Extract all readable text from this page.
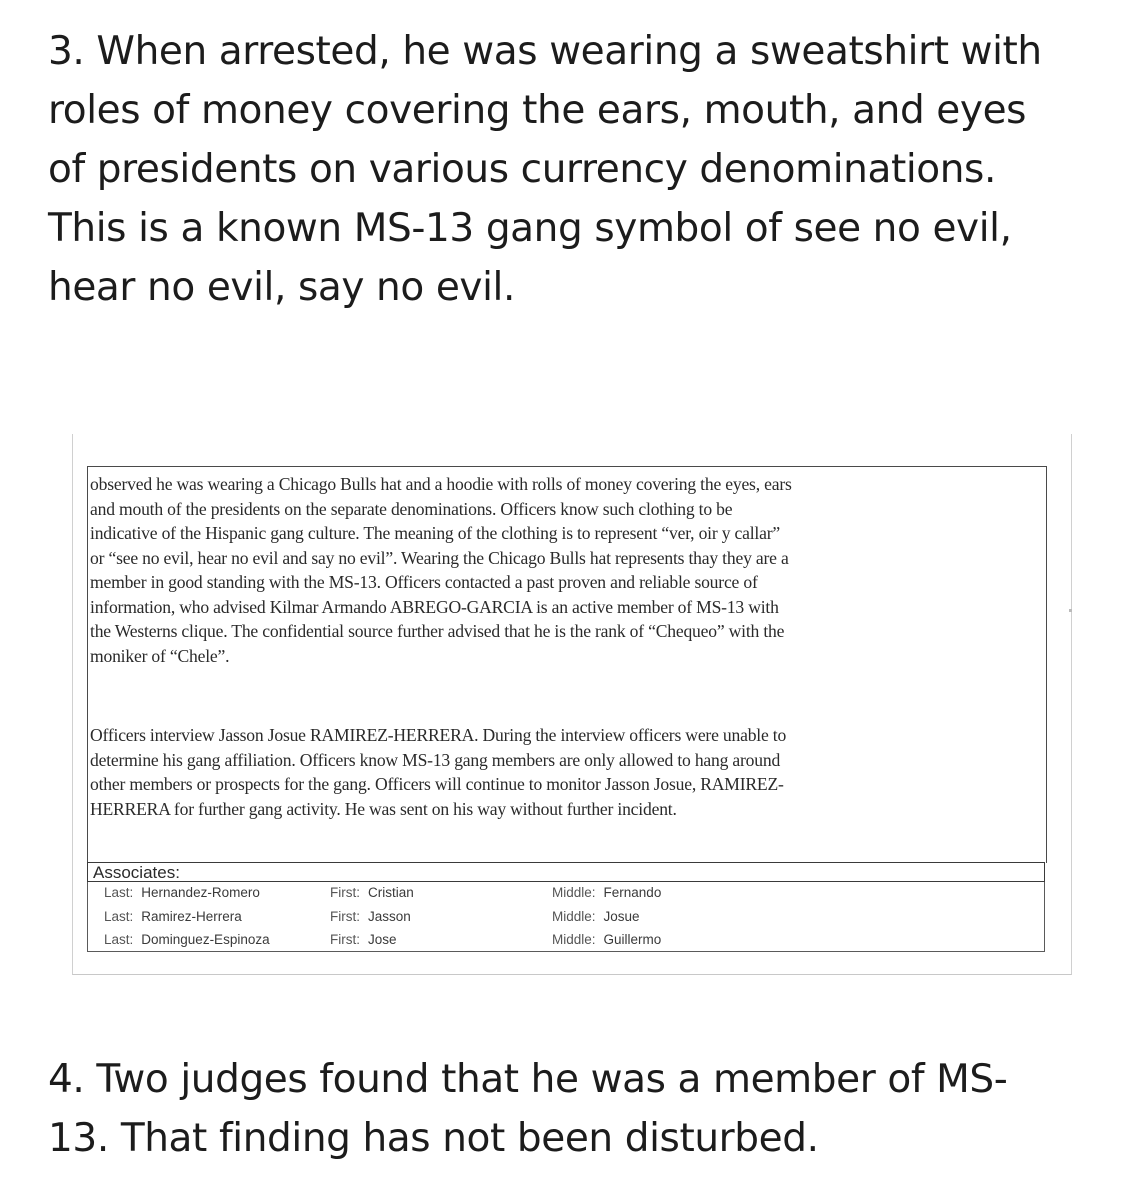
3. When arrested, he was wearing a sweatshirt with
roles of money covering the ears, mouth, and eyes
of presidents on various currency denominations.
This is a known MS-13 gang symbol of see no evil,
hear no evil, say no evil.

observed he was wearing a Chicago Bulls hat and a hoodie with rolls of money covering the eyes, ears
and mouth of the presidents on the separate denominations. Officers know such clothing to be
indicative of the Hispanic gang culture. The meaning of the clothing is to represent “ver, oir y callar”
or “see no evil, hear no evil and say no evil”. Wearing the Chicago Bulls hat represents thay they are a
member in good standing with the MS-13. Officers contacted a past proven and reliable source of
information, who advised Kilmar Armando ABREGO-GARCIA is an active member of MS-13 with
the Westerns clique. The confidential source further advised that he is the rank of “Chequeo” with the
moniker of “Chele”.
Officers interview Jasson Josue RAMIREZ-HERRERA. During the interview officers were unable to
determine his gang affiliation. Officers know MS-13 gang members are only allowed to hang around
other members or prospects for the gang. Officers will continue to monitor Jasson Josue, RAMIREZ-
HERRERA for further gang activity. He was sent on his way without further incident.
Associates:
Last: Hernandez-Romero	First: Cristian	Middle: Fernando
Last: Ramirez-Herrera	First: Jasson	Middle: Josue
Last: Dominguez-Espinoza	First: Jose	Middle: Guillermo

4. Two judges found that he was a member of MS-
13. That finding has not been disturbed.
